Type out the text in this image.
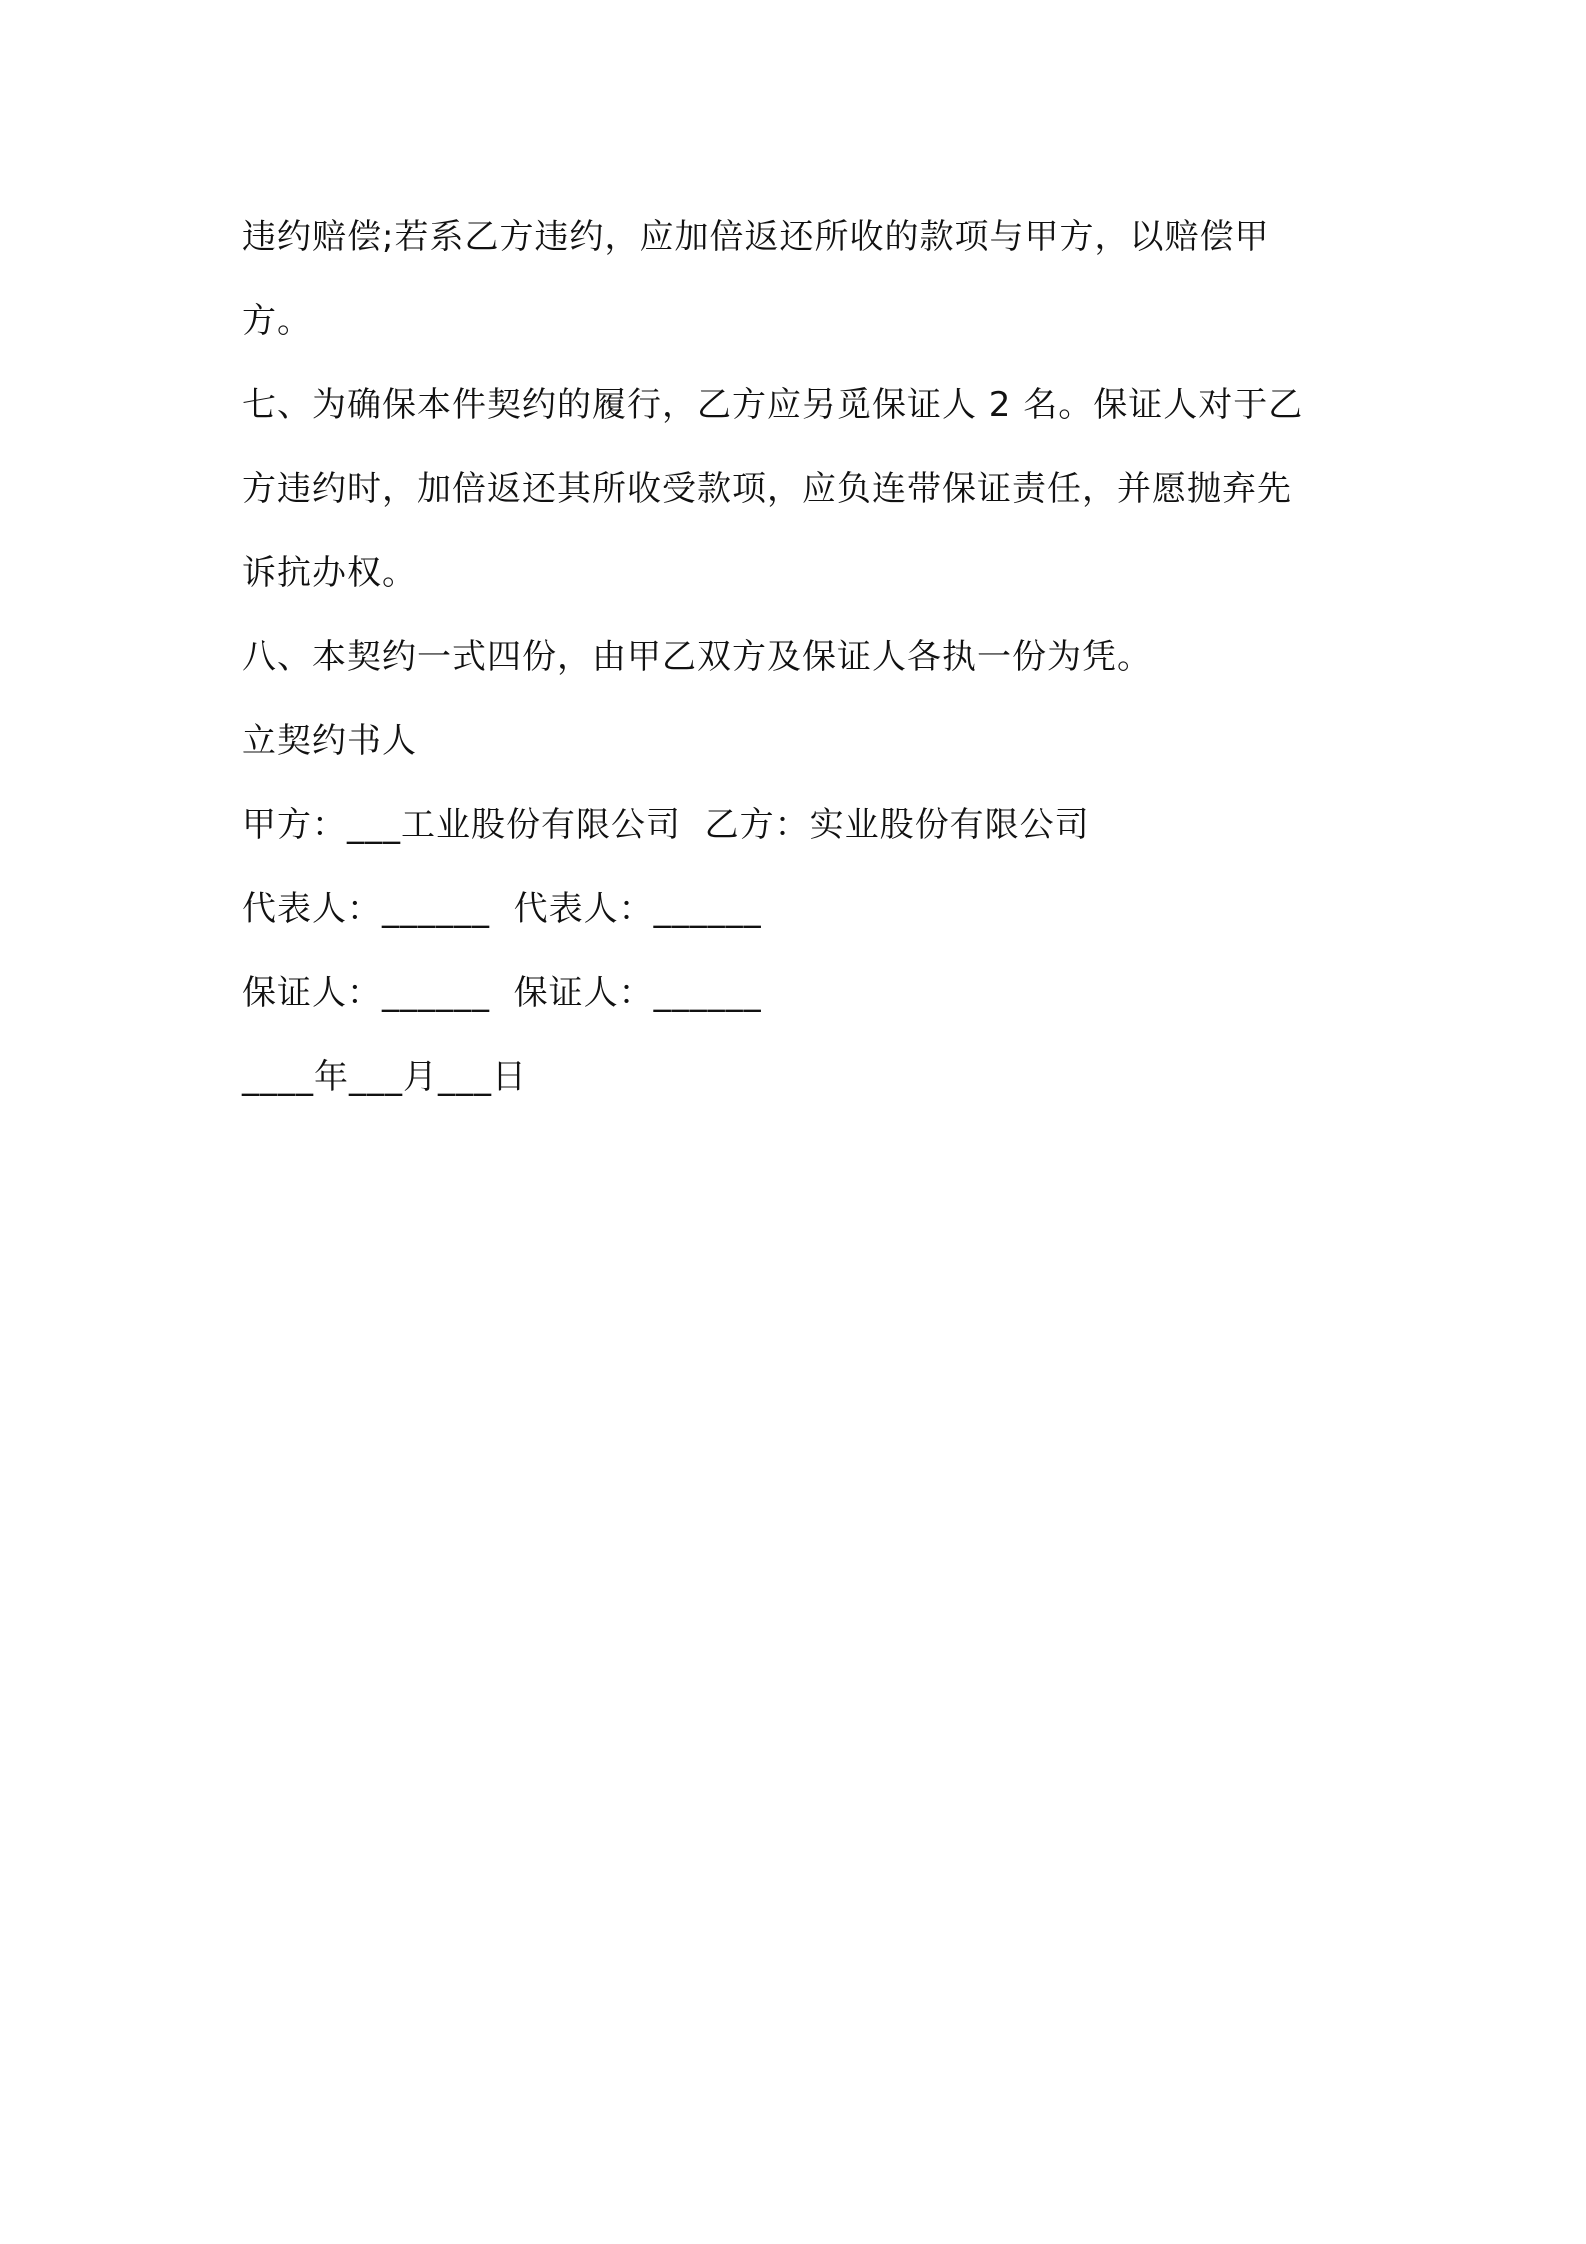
违约赔偿;若系乙方违约，应加倍返还所收的款项与甲方，以赔偿甲
方。
七、为确保本件契约的履行，乙方应另觅保证人 2 名。保证人对于乙
方违约时，加倍返还其所收受款项，应负连带保证责任，并愿抛弃先
诉抗办权。
八、本契约一式四份，由甲乙双方及保证人各执一份为凭。
立契约书人
甲方：___工业股份有限公司  乙方：实业股份有限公司
代表人：______  代表人：______
保证人：______  保证人：______
____年___月___日
